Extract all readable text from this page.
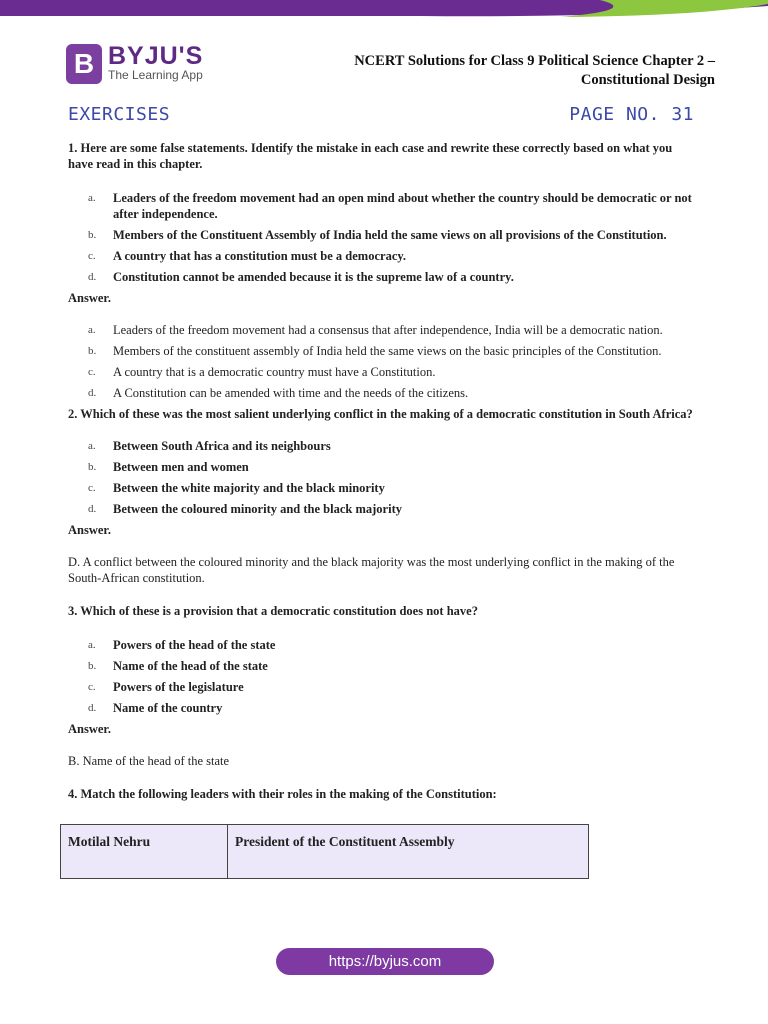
B BYJU'S
The Learning App
NCERT Solutions for Class 9 Political Science Chapter 2 –
Constitutional Design
EXERCISES	PAGE NO. 31

1. Here are some false statements. Identify the mistake in each case and rewrite these correctly based on what you have read in this chapter.

a. Leaders of the freedom movement had an open mind about whether the country should be democratic or not after independence.
b. Members of the Constituent Assembly of India held the same views on all provisions of the Constitution.
c. A country that has a constitution must be a democracy.
d. Constitution cannot be amended because it is the supreme law of a country.

Answer.

a. Leaders of the freedom movement had a consensus that after independence, India will be a democratic nation.
b. Members of the constituent assembly of India held the same views on the basic principles of the Constitution.
c. A country that is a democratic country must have a Constitution.
d. A Constitution can be amended with time and the needs of the citizens.

2. Which of these was the most salient underlying conflict in the making of a democratic constitution in South Africa?

a. Between South Africa and its neighbours
b. Between men and women
c. Between the white majority and the black minority
d. Between the coloured minority and the black majority

Answer.

D. A conflict between the coloured minority and the black majority was the most underlying conflict in the making of the South-African constitution.

3. Which of these is a provision that a democratic constitution does not have?

a. Powers of the head of the state
b. Name of the head of the state
c. Powers of the legislature
d. Name of the country

Answer.

B. Name of the head of the state

4. Match the following leaders with their roles in the making of the Constitution:

Motilal Nehru	President of the Constituent Assembly
https://byjus.com
